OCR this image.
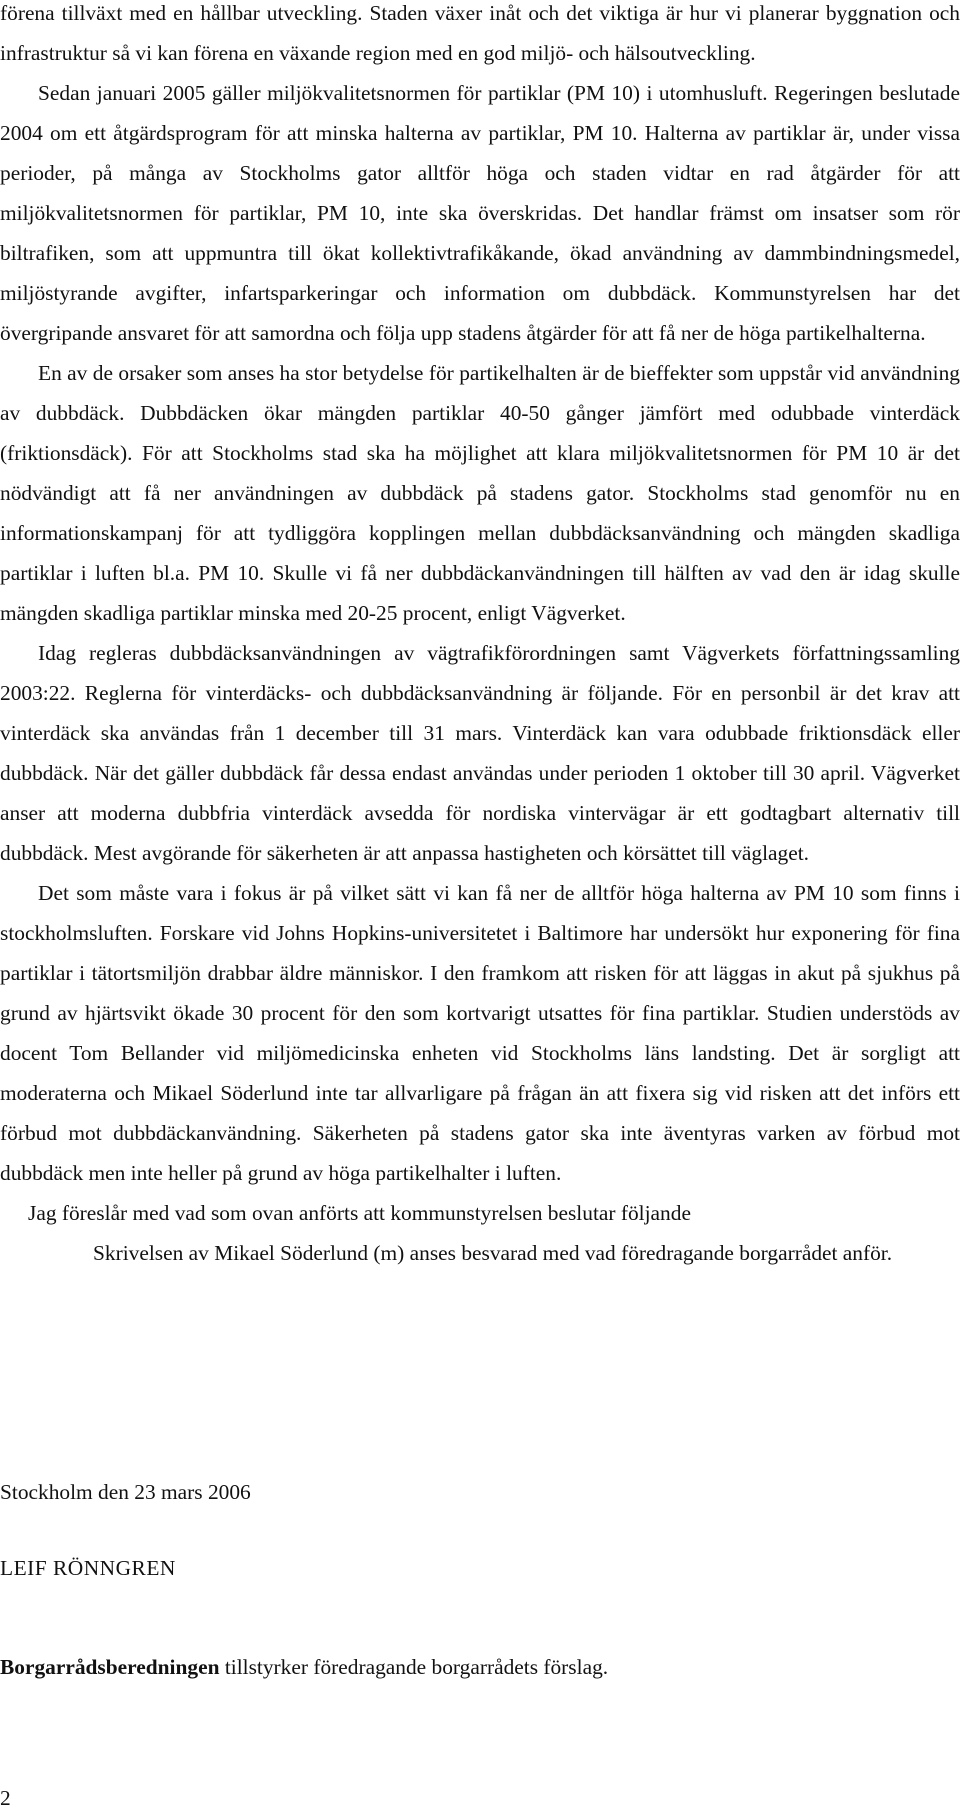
förena tillväxt med en hållbar utveckling. Staden växer inåt och det viktiga är hur vi planerar byggnation och infrastruktur så vi kan förena en växande region med en god miljö- och hälsoutveckling.

Sedan januari 2005 gäller miljökvalitetsnormen för partiklar (PM 10) i utomhusluft. Regeringen beslutade 2004 om ett åtgärdsprogram för att minska halterna av partiklar, PM 10. Halterna av partiklar är, under vissa perioder, på många av Stockholms gator alltför höga och staden vidtar en rad åtgärder för att miljökvalitetsnormen för partiklar, PM 10, inte ska överskridas. Det handlar främst om insatser som rör biltrafiken, som att uppmuntra till ökat kollektivtrafikåkande, ökad användning av dammbindningsmedel, miljöstyrande avgifter, infartsparkeringar och information om dubbdäck. Kommunstyrelsen har det övergripande ansvaret för att samordna och följa upp stadens åtgärder för att få ner de höga partikelhalterna.

En av de orsaker som anses ha stor betydelse för partikelhalten är de bieffekter som uppstår vid användning av dubbdäck. Dubbdäcken ökar mängden partiklar 40-50 gånger jämfört med odubbade vinterdäck (friktionsdäck). För att Stockholms stad ska ha möjlighet att klara miljökvalitetsnormen för PM 10 är det nödvändigt att få ner användningen av dubbdäck på stadens gator. Stockholms stad genomför nu en informationskampanj för att tydliggöra kopplingen mellan dubbdäcksanvändning och mängden skadliga partiklar i luften bl.a. PM 10. Skulle vi få ner dubbdäckanvändningen till hälften av vad den är idag skulle mängden skadliga partiklar minska med 20-25 procent, enligt Vägverket.

Idag regleras dubbdäcksanvändningen av vägtrafikförordningen samt Vägverkets författningssamling 2003:22. Reglerna för vinterdäcks- och dubbdäcksanvändning är följande. För en personbil är det krav att vinterdäck ska användas från 1 december till 31 mars. Vinterdäck kan vara odubbade friktionsdäck eller dubbdäck. När det gäller dubbdäck får dessa endast användas under perioden 1 oktober till 30 april. Vägverket anser att moderna dubbfria vinterdäck avsedda för nordiska vintervägar är ett godtagbart alternativ till dubbdäck. Mest avgörande för säkerheten är att anpassa hastigheten och körsättet till väglaget.

Det som måste vara i fokus är på vilket sätt vi kan få ner de alltför höga halterna av PM 10 som finns i stockholmsluften. Forskare vid Johns Hopkins-universitetet i Baltimore har undersökt hur exponering för fina partiklar i tätortsmiljön drabbar äldre människor. I den framkom att risken för att läggas in akut på sjukhus på grund av hjärtsvikt ökade 30 procent för den som kortvarigt utsattes för fina partiklar. Studien understöds av docent Tom Bellander vid miljömedicinska enheten vid Stockholms läns landsting. Det är sorgligt att moderaterna och Mikael Söderlund inte tar allvarligare på frågan än att fixera sig vid risken att det införs ett förbud mot dubbdäckanvändning. Säkerheten på stadens gator ska inte äventyras varken av förbud mot dubbdäck men inte heller på grund av höga partikelhalter i luften.

Jag föreslår med vad som ovan anförts att kommunstyrelsen beslutar följande

Skrivelsen av Mikael Söderlund (m) anses besvarad med vad föredragande borgarrådet anför.

Stockholm den 23 mars 2006

LEIF RÖNNGREN

Borgarrådsberedningen tillstyrker föredragande borgarrådets förslag.

2
